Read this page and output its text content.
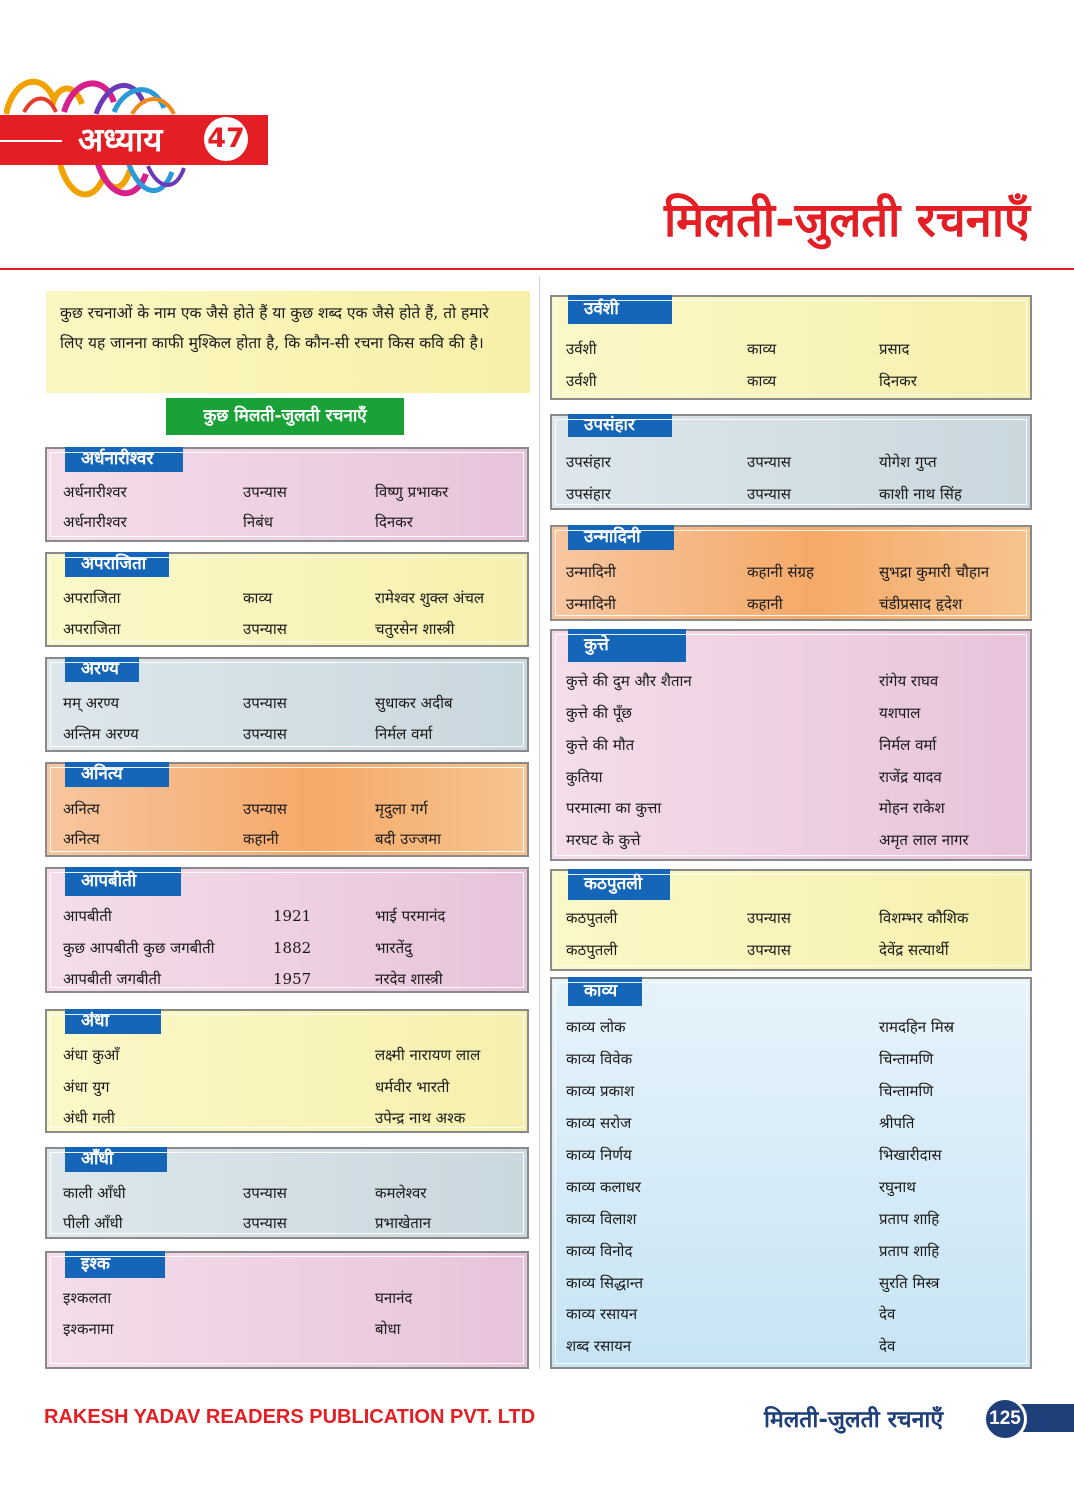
अध्याय 47
मिलती-जुलती रचनाएँ
कुछ रचनाओं के नाम एक जैसे होते हैं या कुछ शब्द एक जैसे होते हैं, तो हमारे लिए यह जानना काफी मुश्किल होता है, कि कौन-सी रचना किस कवि की है।
कुछ मिलती-जुलती रचनाएँ
अर्धनारीश्वर
अर्धनारीश्वर	उपन्यास	विष्णु प्रभाकर
अर्धनारीश्वर	निबंध	दिनकर
अपराजिता
अपराजिता	काव्य	रामेश्वर शुक्ल अंचल
अपराजिता	उपन्यास	चतुरसेन शास्त्री
अरण्य
मम् अरण्य	उपन्यास	सुधाकर अदीब
अन्तिम अरण्य	उपन्यास	निर्मल वर्मा
अनित्य
अनित्य	उपन्यास	मृदुला गर्ग
अनित्य	कहानी	बदी उज्जमा
आपबीती
आपबीती	1921	भाई परमानंद
कुछ आपबीती कुछ जगबीती	1882	भारतेंदु
आपबीती जगबीती	1957	नरदेव शास्त्री
अंधा
अंधा कुआँ	लक्ष्मी नारायण लाल
अंधा युग	धर्मवीर भारती
अंधी गली	उपेन्द्र नाथ अश्क
आँधी
काली आँधी	उपन्यास	कमलेश्वर
पीली आँधी	उपन्यास	प्रभाखेतान
इश्क
इश्कलता	घनानंद
इश्कनामा	बोधा
उर्वशी
उर्वशी	काव्य	प्रसाद
उर्वशी	काव्य	दिनकर
उपसंहार
उपसंहार	उपन्यास	योगेश गुप्त
उपसंहार	उपन्यास	काशी नाथ सिंह
उन्मादिनी
उन्मादिनी	कहानी संग्रह	सुभद्रा कुमारी चौहान
उन्मादिनी	कहानी	चंडीप्रसाद हृदेश
कुत्ते
कुत्ते की दुम और शैतान	रांगेय राघव
कुत्ते की पूँछ	यशपाल
कुत्ते की मौत	निर्मल वर्मा
कुतिया	राजेंद्र यादव
परमात्मा का कुत्ता	मोहन राकेश
मरघट के कुत्ते	अमृत लाल नागर
कठपुतली
कठपुतली	उपन्यास	विशम्भर कौशिक
कठपुतली	उपन्यास	देवेंद्र सत्यार्थी
काव्य
काव्य लोक	रामदहिन मिस्र
काव्य विवेक	चिन्तामणि
काव्य प्रकाश	चिन्तामणि
काव्य सरोज	श्रीपति
काव्य निर्णय	भिखारीदास
काव्य कलाधर	रघुनाथ
काव्य विलाश	प्रताप शाहि
काव्य विनोद	प्रताप शाहि
काव्य सिद्धान्त	सुरति मिस्त्र
काव्य रसायन	देव
शब्द रसायन	देव
RAKESH YADAV READERS PUBLICATION PVT. LTD	मिलती-जुलती रचनाएँ	125
